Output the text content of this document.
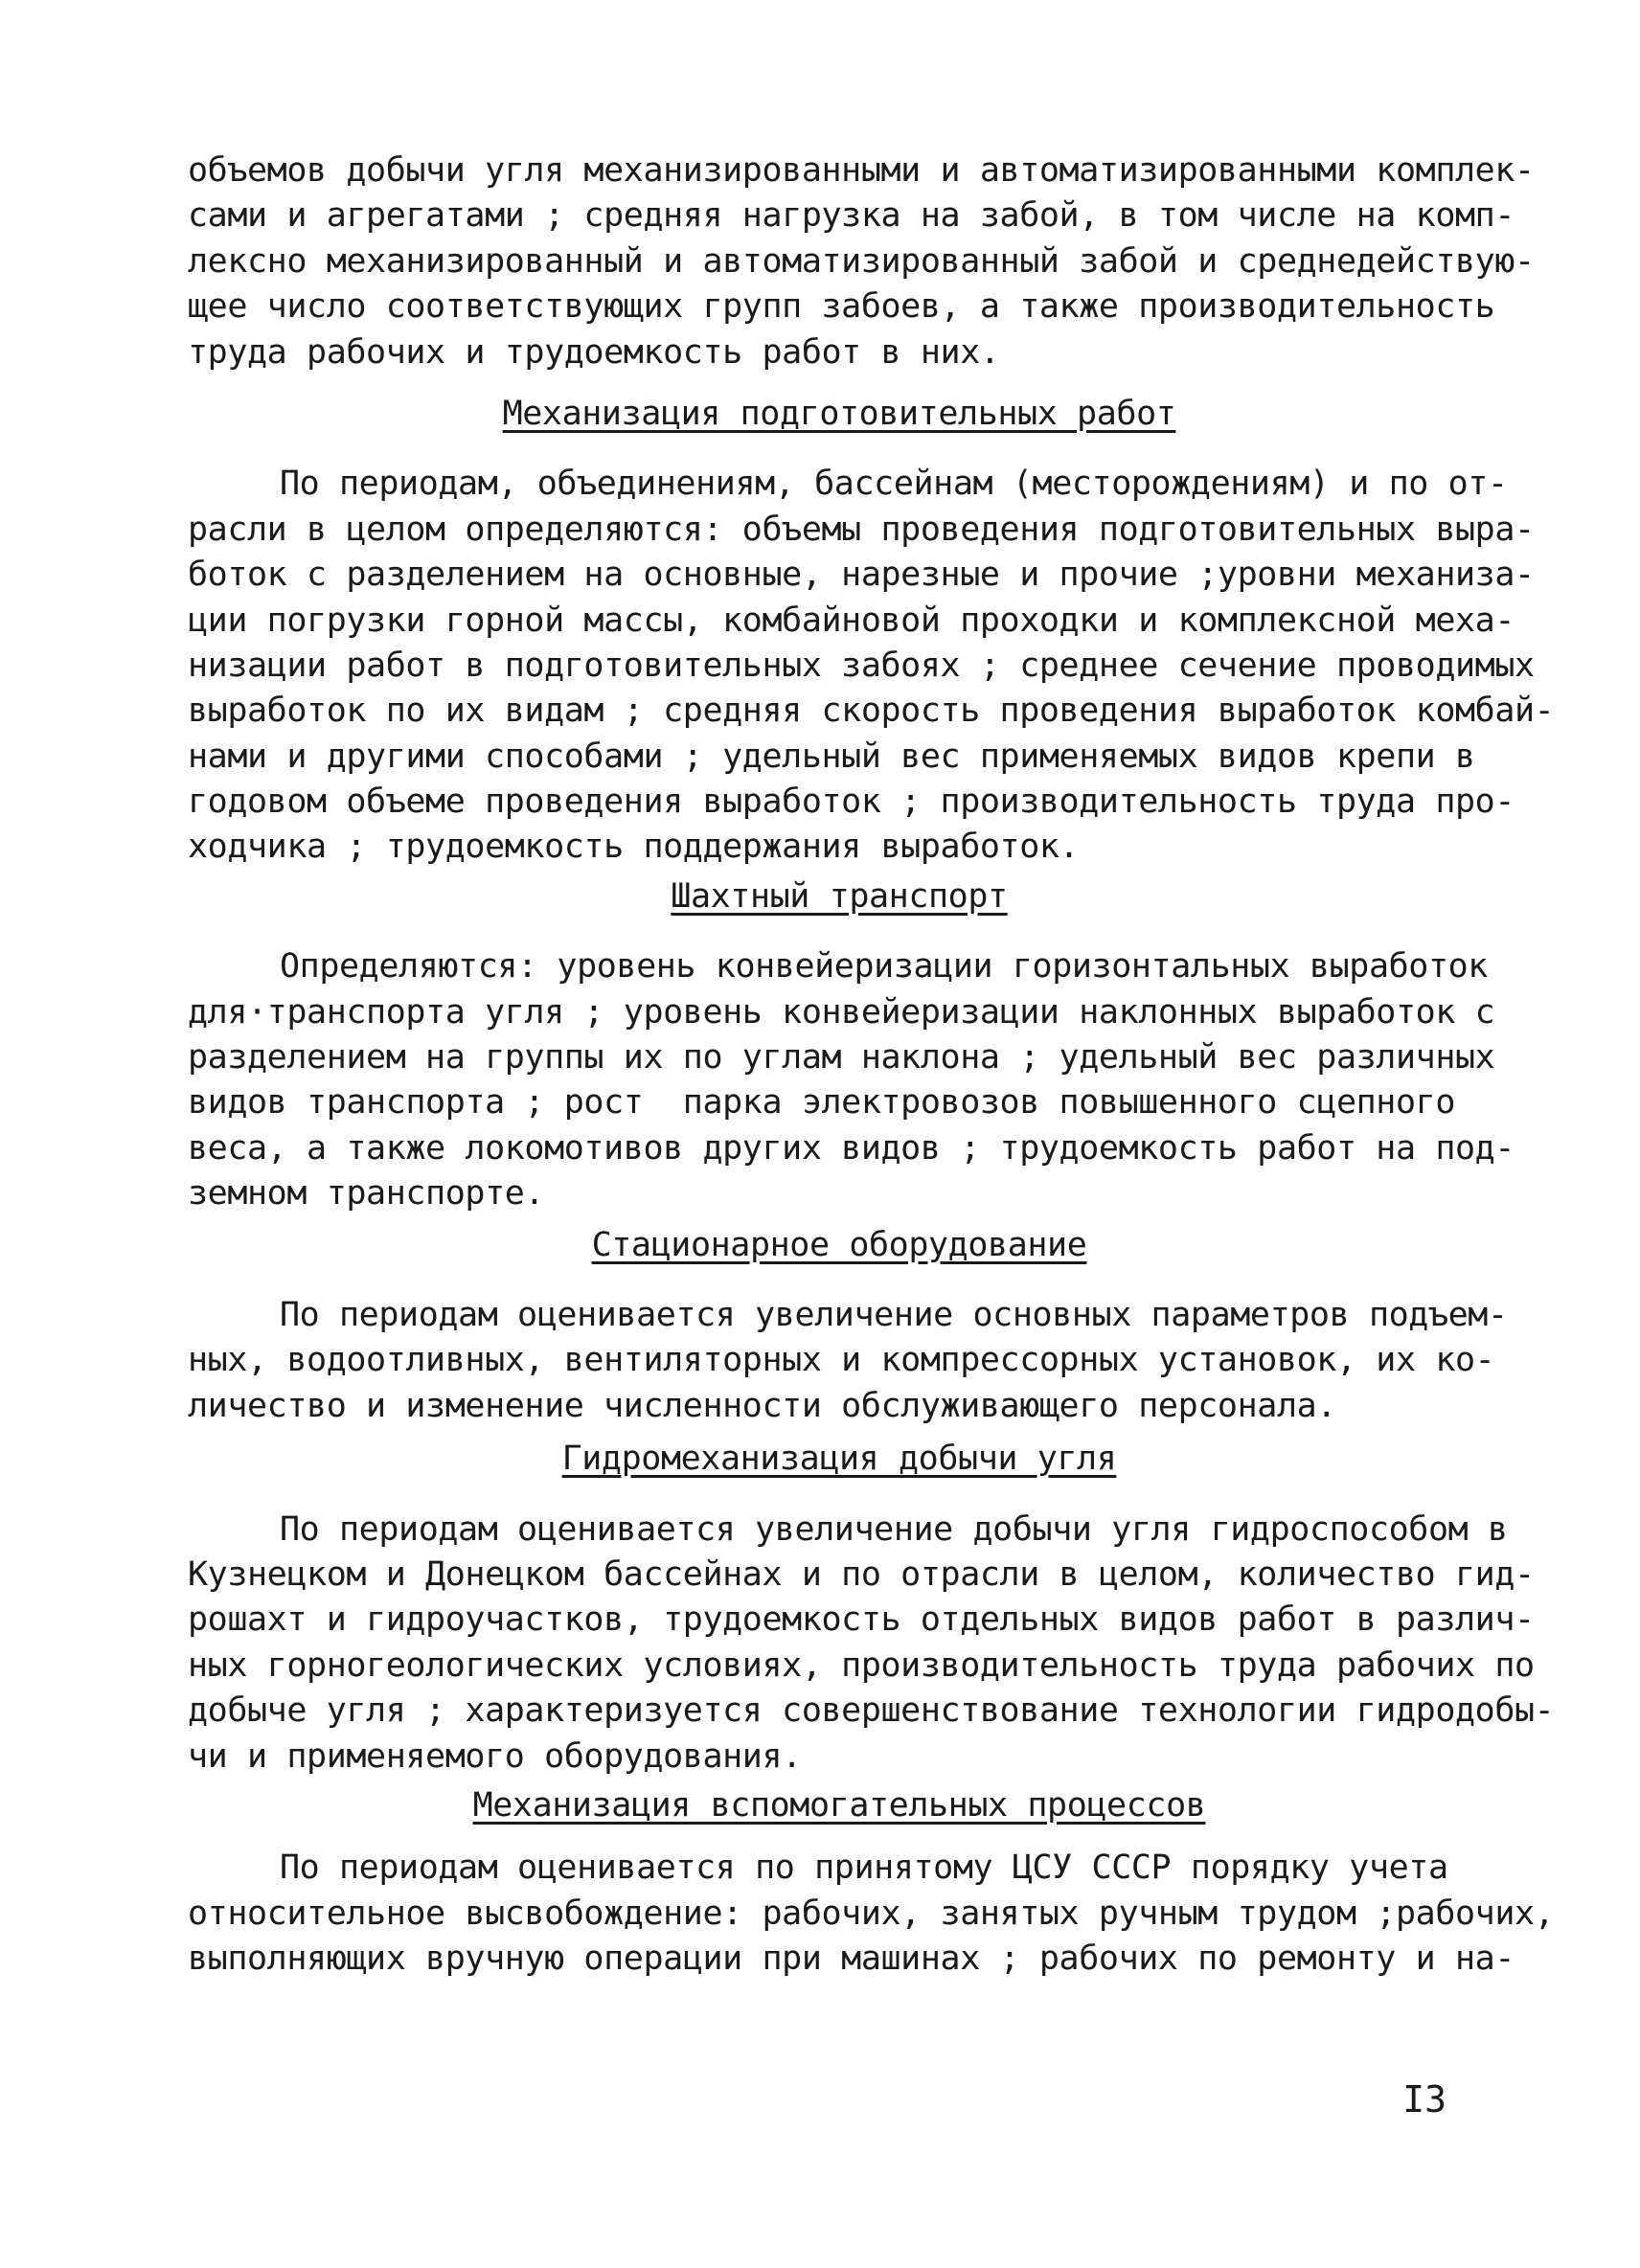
объемов добычи угля механизированными и автоматизированными комплек-
сами и агрегатами ; средняя нагрузка на забой, в том числе на комп-
лексно механизированный и автоматизированный забой и среднедействую-
щее число соответствующих групп забоев, а также производительность
труда рабочих и трудоемкость работ в них.
Механизация подготовительных работ
По периодам, объединениям, бассейнам (месторождениям) и по от-
расли в целом определяются: объемы проведения подготовительных выра-
боток с разделением на основные, нарезные и прочие ;уровни механиза-
ции погрузки горной массы, комбайновой проходки и комплексной меха-
низации работ в подготовительных забоях ; среднее сечение проводимых
выработок по их видам ; средняя скорость проведения выработок комбай-
нами и другими способами ; удельный вес применяемых видов крепи в
годовом объеме проведения выработок ; производительность труда про-
ходчика ; трудоемкость поддержания выработок.
Шахтный транспорт
Определяются: уровень конвейеризации горизонтальных выработок
для·транспорта угля ; уровень конвейеризации наклонных выработок с
разделением на группы их по углам наклона ; удельный вес различных
видов транспорта ; рост  парка электровозов повышенного сцепного
веса, а также локомотивов других видов ; трудоемкость работ на под-
земном транспорте.
Стационарное оборудование
По периодам оценивается увеличение основных параметров подъем-
ных, водоотливных, вентиляторных и компрессорных установок, их ко-
личество и изменение численности обслуживающего персонала.
Гидромеханизация добычи угля
По периодам оценивается увеличение добычи угля гидроспособом в
Кузнецком и Донецком бассейнах и по отрасли в целом, количество гид-
рошахт и гидроучастков, трудоемкость отдельных видов работ в различ-
ных горногеологических условиях, производительность труда рабочих по
добыче угля ; характеризуется совершенствование технологии гидродобы-
чи и применяемого оборудования.
Механизация вспомогательных процессов
По периодам оценивается по принятому ЦСУ СССР порядку учета
относительное высвобождение: рабочих, занятых ручным трудом ;рабочих,
выполняющих вручную операции при машинах ; рабочих по ремонту и на-
I3
